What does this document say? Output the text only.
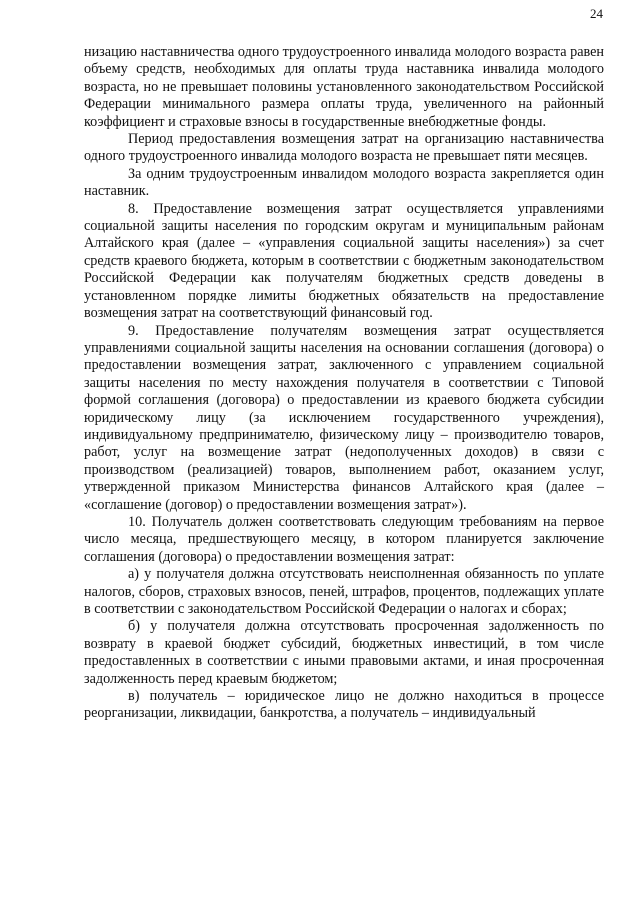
24

низацию наставничества одного трудоустроенного инвалида молодого возраста равен объему средств, необходимых для оплаты труда наставника инвалида молодого возраста, но не превышает половины установленного законодательством Российской Федерации минимального размера оплаты труда, увеличенного на районный коэффициент и страховые взносы в государственные внебюджетные фонды.

Период предоставления возмещения затрат на организацию наставничества одного трудоустроенного инвалида молодого возраста не превышает пяти месяцев.

За одним трудоустроенным инвалидом молодого возраста закрепляется один наставник.

8. Предоставление возмещения затрат осуществляется управлениями социальной защиты населения по городским округам и муниципальным районам Алтайского края (далее – «управления социальной защиты населения») за счет средств краевого бюджета, которым в соответствии с бюджетным законодательством Российской Федерации как получателям бюджетных средств доведены в установленном порядке лимиты бюджетных обязательств на предоставление возмещения затрат на соответствующий финансовый год.

9. Предоставление получателям возмещения затрат осуществляется управлениями социальной защиты населения на основании соглашения (договора) о предоставлении возмещения затрат, заключенного с управлением социальной защиты населения по месту нахождения получателя в соответствии с Типовой формой соглашения (договора) о предоставлении из краевого бюджета субсидии юридическому лицу (за исключением государственного учреждения), индивидуальному предпринимателю, физическому лицу – производителю товаров, работ, услуг на возмещение затрат (недополученных доходов) в связи с производством (реализацией) товаров, выполнением работ, оказанием услуг, утвержденной приказом Министерства финансов Алтайского края (далее – «соглашение (договор) о предоставлении возмещения затрат»).

10. Получатель должен соответствовать следующим требованиям на первое число месяца, предшествующего месяцу, в котором планируется заключение соглашения (договора) о предоставлении возмещения затрат:

а) у получателя должна отсутствовать неисполненная обязанность по уплате налогов, сборов, страховых взносов, пеней, штрафов, процентов, подлежащих уплате в соответствии с законодательством Российской Федерации о налогах и сборах;

б) у получателя должна отсутствовать просроченная задолженность по возврату в краевой бюджет субсидий, бюджетных инвестиций, в том числе предоставленных в соответствии с иными правовыми актами, и иная просроченная задолженность перед краевым бюджетом;

в) получатель – юридическое лицо не должно находиться в процессе реорганизации, ликвидации, банкротства, а получатель – индивидуальный
